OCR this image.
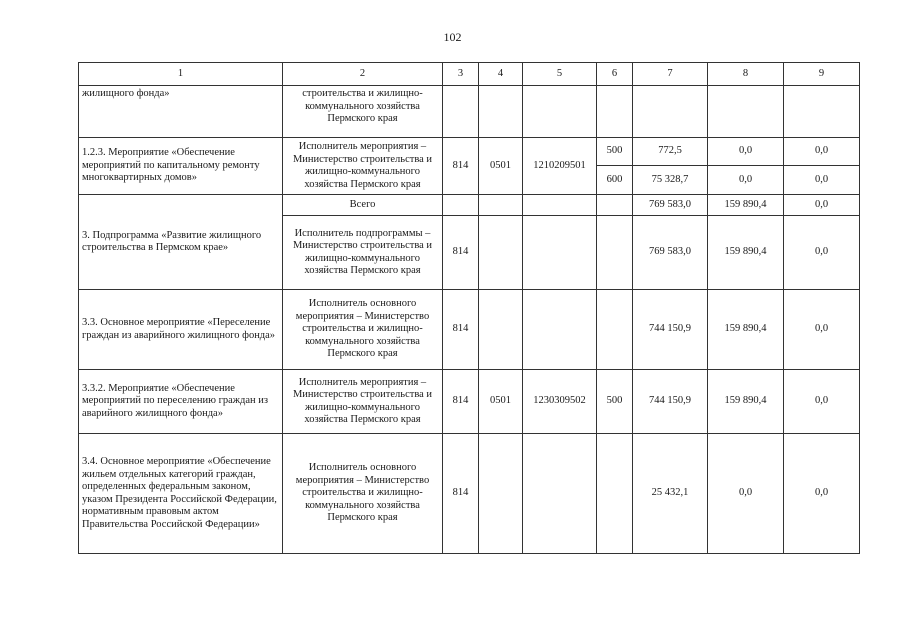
102
1	2	3	4	5	6	7	8	9
жилищного фонда»	строительства и жилищно-коммунального хозяйства Пермского края							
1.2.3. Мероприятие «Обеспечение мероприятий по капитальному ремонту многоквартирных домов»	Исполнитель мероприятия – Министерство строительства и жилищно-коммунального хозяйства Пермского края	814	0501	1210209501	500	772,5	0,0	0,0
					600	75 328,7	0,0	0,0
3. Подпрограмма «Развитие жилищного строительства в Пермском крае»	Всего					769 583,0	159 890,4	0,0
	Исполнитель подпрограммы – Министерство строительства и жилищно-коммунального хозяйства Пермского края	814				769 583,0	159 890,4	0,0
3.3. Основное мероприятие «Переселение граждан из аварийного жилищного фонда»	Исполнитель основного мероприятия – Министерство строительства и жилищно-коммунального хозяйства Пермского края	814				744 150,9	159 890,4	0,0
3.3.2. Мероприятие «Обеспечение мероприятий по переселению граждан из аварийного жилищного фонда»	Исполнитель мероприятия – Министерство строительства и жилищно-коммунального хозяйства Пермского края	814	0501	1230309502	500	744 150,9	159 890,4	0,0
3.4. Основное мероприятие «Обеспечение жильем отдельных категорий граждан, определенных федеральным законом, указом Президента Российской Федерации, нормативным правовым актом Правительства Российской Федерации»	Исполнитель основного мероприятия – Министерство строительства и жилищно-коммунального хозяйства Пермского края	814				25 432,1	0,0	0,0
